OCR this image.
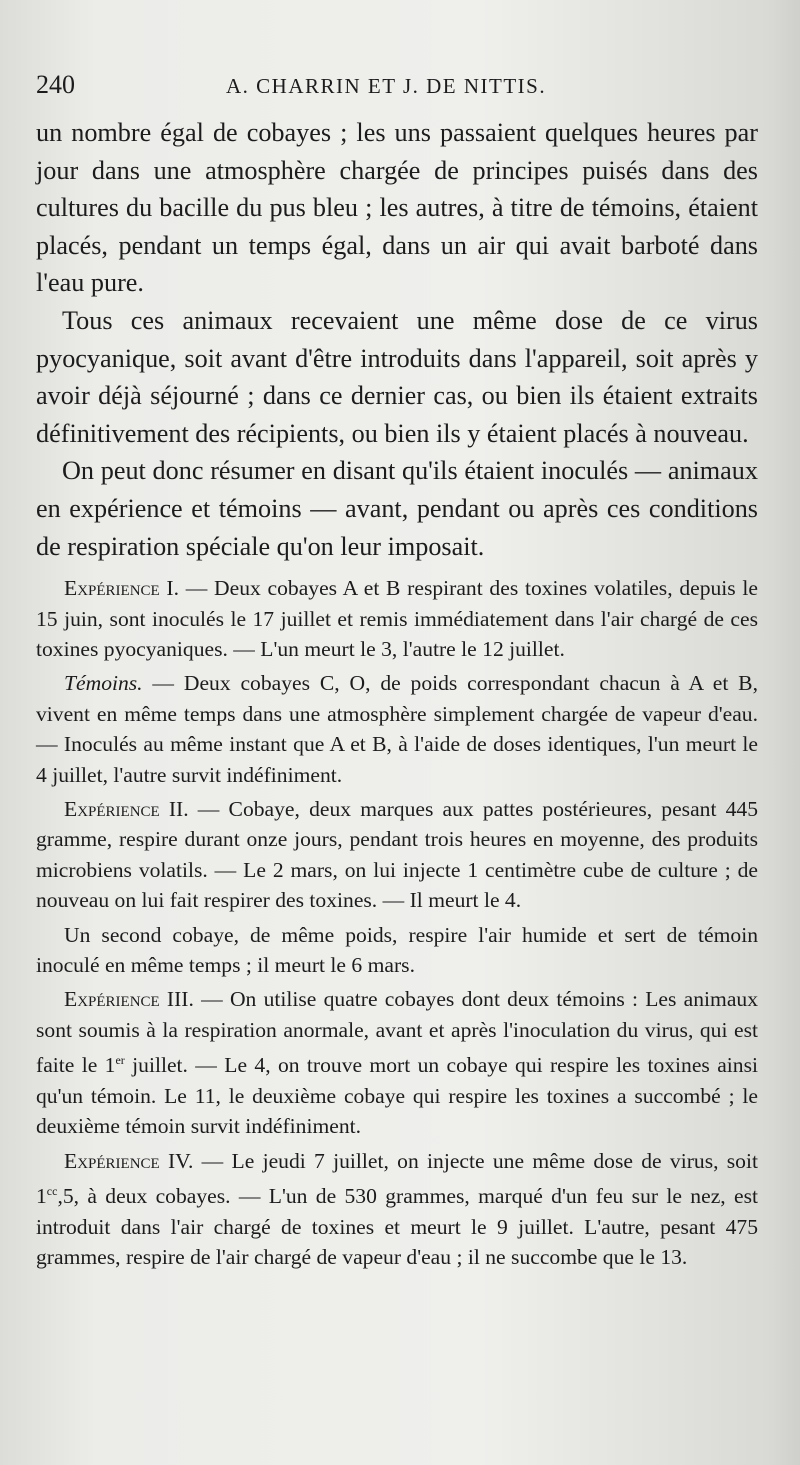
240	A. CHARRIN ET J. DE NITTIS.

un nombre égal de cobayes ; les uns passaient quelques heures par jour dans une atmosphère chargée de principes puisés dans des cultures du bacille du pus bleu ; les autres, à titre de témoins, étaient placés, pendant un temps égal, dans un air qui avait barboté dans l'eau pure.

Tous ces animaux recevaient une même dose de ce virus pyocyanique, soit avant d'être introduits dans l'appareil, soit après y avoir déjà séjourné ; dans ce dernier cas, ou bien ils étaient extraits définitivement des récipients, ou bien ils y étaient placés à nouveau.

On peut donc résumer en disant qu'ils étaient inoculés — animaux en expérience et témoins — avant, pendant ou après ces conditions de respiration spéciale qu'on leur imposait.

Expérience I. — Deux cobayes A et B respirant des toxines volatiles, depuis le 15 juin, sont inoculés le 17 juillet et remis immédiatement dans l'air chargé de ces toxines pyocyaniques. — L'un meurt le 3, l'autre le 12 juillet.

Témoins. — Deux cobayes C, O, de poids correspondant chacun à A et B, vivent en même temps dans une atmosphère simplement chargée de vapeur d'eau. — Inoculés au même instant que A et B, à l'aide de doses identiques, l'un meurt le 4 juillet, l'autre survit indéfiniment.

Expérience II. — Cobaye, deux marques aux pattes postérieures, pesant 445 gramme, respire durant onze jours, pendant trois heures en moyenne, des produits microbiens volatils. — Le 2 mars, on lui injecte 1 centimètre cube de culture ; de nouveau on lui fait respirer des toxines. — Il meurt le 4.

Un second cobaye, de même poids, respire l'air humide et sert de témoin inoculé en même temps ; il meurt le 6 mars.

Expérience III. — On utilise quatre cobayes dont deux témoins : Les animaux sont soumis à la respiration anormale, avant et après l'inoculation du virus, qui est faite le 1er juillet. — Le 4, on trouve mort un cobaye qui respire les toxines ainsi qu'un témoin. Le 11, le deuxième cobaye qui respire les toxines a succombé ; le deuxième témoin survit indéfiniment.

Expérience IV. — Le jeudi 7 juillet, on injecte une même dose de virus, soit $1^{cc},5$, à deux cobayes. — L'un de 530 grammes, marqué d'un feu sur le nez, est introduit dans l'air chargé de toxines et meurt le 9 juillet. L'autre, pesant 475 grammes, respire de l'air chargé de vapeur d'eau ; il ne succombe que le 13.
